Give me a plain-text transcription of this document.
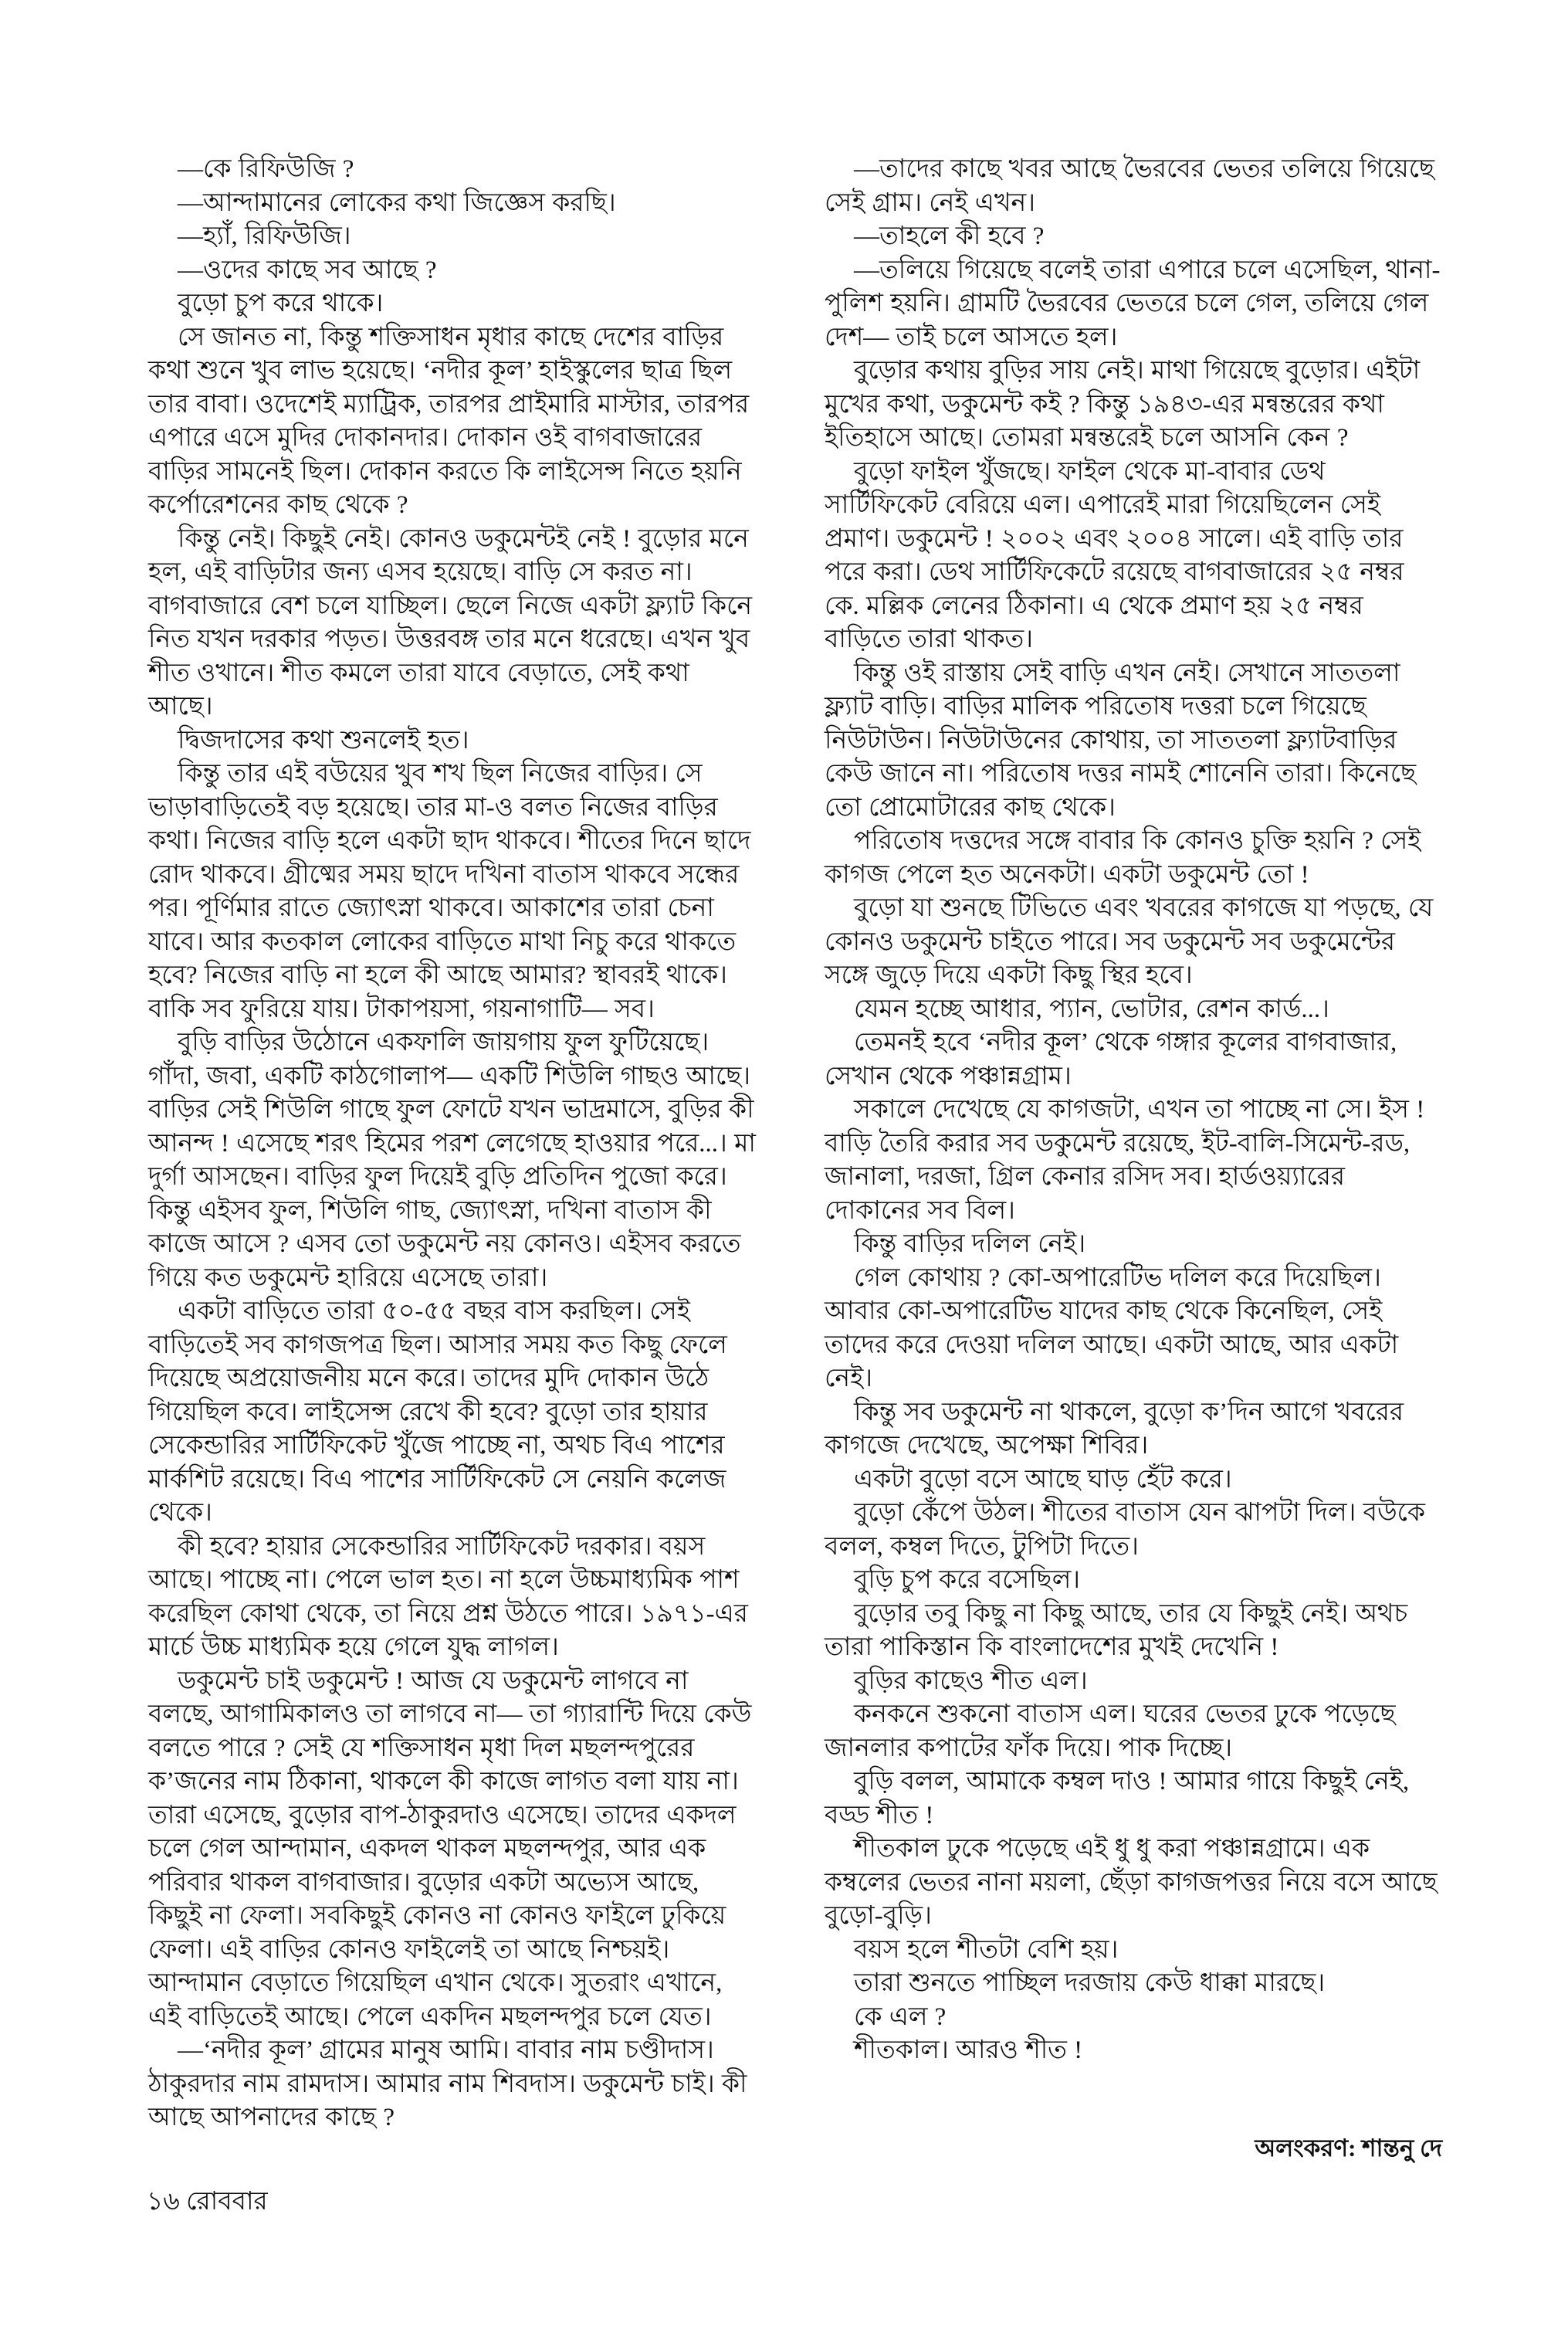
—কে রিফিউজি ?

—আন্দামানের লোকের কথা জিজ্ঞেস করছি।

—হ্যাঁ, রিফিউজি।

—ওদের কাছে সব আছে ?

বুড়ো চুপ করে থাকে।

সে জানত না, কিন্তু শক্তিসাধন মৃধার কাছে দেশের বাড়ির কথা শুনে খুব লাভ হয়েছে। ‘নদীর কূল’ হাইস্কুলের ছাত্র ছিল তার বাবা। ওদেশেই ম্যাট্রিক, তারপর প্রাইমারি মাস্টার, তারপর এপারে এসে মুদির দোকানদার। দোকান ওই বাগবাজারের বাড়ির সামনেই ছিল। দোকান করতে কি লাইসেন্স নিতে হয়নি কর্পোরেশনের কাছ থেকে ?

কিন্তু নেই। কিছুই নেই। কোনও ডকুমেন্টই নেই ! বুড়োর মনে হল, এই বাড়িটার জন্য এসব হয়েছে। বাড়ি সে করত না। বাগবাজারে বেশ চলে যাচ্ছিল। ছেলে নিজে একটা ফ্ল্যাট কিনে নিত যখন দরকার পড়ত। উত্তরবঙ্গ তার মনে ধরেছে। এখন খুব শীত ওখানে। শীত কমলে তারা যাবে বেড়াতে, সেই কথা আছে।

দ্বিজদাসের কথা শুনলেই হত।

কিন্তু তার এই বউয়ের খুব শখ ছিল নিজের বাড়ির। সে ভাড়াবাড়িতেই বড় হয়েছে। তার মা-ও বলত নিজের বাড়ির কথা। নিজের বাড়ি হলে একটা ছাদ থাকবে। শীতের দিনে ছাদে রোদ থাকবে। গ্রীষ্মের সময় ছাদে দখিনা বাতাস থাকবে সন্ধের পর। পূর্ণিমার রাতে জ্যোৎস্না থাকবে। আকাশের তারা চেনা যাবে। আর কতকাল লোকের বাড়িতে মাথা নিচু করে থাকতে হবে? নিজের বাড়ি না হলে কী আছে আমার? স্থাবরই থাকে। বাকি সব ফুরিয়ে যায়। টাকাপয়সা, গয়নাগাটি— সব।

বুড়ি বাড়ির উঠোনে একফালি জায়গায় ফুল ফুটিয়েছে। গাঁদা, জবা, একটি কাঠগোলাপ— একটি শিউলি গাছও আছে। বাড়ির সেই শিউলি গাছে ফুল ফোটে যখন ভাদ্রমাসে, বুড়ির কী আনন্দ ! এসেছে শরৎ হিমের পরশ লেগেছে হাওয়ার পরে...। মা দুর্গা আসছেন। বাড়ির ফুল দিয়েই বুড়ি প্রতিদিন পুজো করে। কিন্তু এইসব ফুল, শিউলি গাছ, জ্যোৎস্না, দখিনা বাতাস কী কাজে আসে ? এসব তো ডকুমেন্ট নয় কোনও। এইসব করতে গিয়ে কত ডকুমেন্ট হারিয়ে এসেছে তারা।

একটা বাড়িতে তারা ৫০-৫৫ বছর বাস করছিল। সেই বাড়িতেই সব কাগজপত্র ছিল। আসার সময় কত কিছু ফেলে দিয়েছে অপ্রয়োজনীয় মনে করে। তাদের মুদি দোকান উঠে গিয়েছিল কবে। লাইসেন্স রেখে কী হবে? বুড়ো তার হায়ার সেকেন্ডারির সার্টিফিকেট খুঁজে পাচ্ছে না, অথচ বিএ পাশের মার্কশিট রয়েছে। বিএ পাশের সার্টিফিকেট সে নেয়নি কলেজ থেকে।

কী হবে? হায়ার সেকেন্ডারির সার্টিফিকেট দরকার। বয়স আছে। পাচ্ছে না। পেলে ভাল হত। না হলে উচ্চমাধ্যমিক পাশ করেছিল কোথা থেকে, তা নিয়ে প্রশ্ন উঠতে পারে। ১৯৭১-এর মার্চে উচ্চ মাধ্যমিক হয়ে গেলে যুদ্ধ লাগল।

ডকুমেন্ট চাই ডকুমেন্ট ! আজ যে ডকুমেন্ট লাগবে না বলছে, আগামিকালও তা লাগবে না— তা গ্যারান্টি দিয়ে কেউ বলতে পারে ? সেই যে শক্তিসাধন মৃধা দিল মছলন্দপুরের ক’জনের নাম ঠিকানা, থাকলে কী কাজে লাগত বলা যায় না। তারা এসেছে, বুড়োর বাপ-ঠাকুরদাও এসেছে। তাদের একদল চলে গেল আন্দামান, একদল থাকল মছলন্দপুর, আর এক পরিবার থাকল বাগবাজার। বুড়োর একটা অভ্যেস আছে, কিছুই না ফেলা। সবকিছুই কোনও না কোনও ফাইলে ঢুকিয়ে ফেলা। এই বাড়ির কোনও ফাইলেই তা আছে নিশ্চয়ই। আন্দামান বেড়াতে গিয়েছিল এখান থেকে। সুতরাং এখানে, এই বাড়িতেই আছে। পেলে একদিন মছলন্দপুর চলে যেত।

—‘নদীর কূল’ গ্রামের মানুষ আমি। বাবার নাম চণ্ডীদাস। ঠাকুরদার নাম রামদাস। আমার নাম শিবদাস। ডকুমেন্ট চাই। কী আছে আপনাদের কাছে ?

—তাদের কাছে খবর আছে ভৈরবের ভেতর তলিয়ে গিয়েছে সেই গ্রাম। নেই এখন।

—তাহলে কী হবে ?

—তলিয়ে গিয়েছে বলেই তারা এপারে চলে এসেছিল, থানা-পুলিশ হয়নি। গ্রামটি ভৈরবের ভেতরে চলে গেল, তলিয়ে গেল দেশ— তাই চলে আসতে হল।

বুড়োর কথায় বুড়ির সায় নেই। মাথা গিয়েছে বুড়োর। এইটা মুখের কথা, ডকুমেন্ট কই ? কিন্তু ১৯৪৩-এর মন্বন্তরের কথা ইতিহাসে আছে। তোমরা মন্বন্তরেই চলে আসনি কেন ?

বুড়ো ফাইল খুঁজছে। ফাইল থেকে মা-বাবার ডেথ সার্টিফিকেট বেরিয়ে এল। এপারেই মারা গিয়েছিলেন সেই প্রমাণ। ডকুমেন্ট ! ২০০২ এবং ২০০৪ সালে। এই বাড়ি তার পরে করা। ডেথ সার্টিফিকেটে রয়েছে বাগবাজারের ২৫ নম্বর কে. মল্লিক লেনের ঠিকানা। এ থেকে প্রমাণ হয় ২৫ নম্বর বাড়িতে তারা থাকত।

কিন্তু ওই রাস্তায় সেই বাড়ি এখন নেই। সেখানে সাততলা ফ্ল্যাট বাড়ি। বাড়ির মালিক পরিতোষ দত্তরা চলে গিয়েছে নিউটাউন। নিউটাউনের কোথায়, তা সাততলা ফ্ল্যাটবাড়ির কেউ জানে না। পরিতোষ দত্তর নামই শোনেনি তারা। কিনেছে তো প্রোমোটারের কাছ থেকে।

পরিতোষ দত্তদের সঙ্গে বাবার কি কোনও চুক্তি হয়নি ? সেই কাগজ পেলে হত অনেকটা। একটা ডকুমেন্ট তো !

বুড়ো যা শুনছে টিভিতে এবং খবরের কাগজে যা পড়ছে, যে কোনও ডকুমেন্ট চাইতে পারে। সব ডকুমেন্ট সব ডকুমেন্টের সঙ্গে জুড়ে দিয়ে একটা কিছু স্থির হবে।

যেমন হচ্ছে আধার, প্যান, ভোটার, রেশন কার্ড...।

তেমনই হবে ‘নদীর কূল’ থেকে গঙ্গার কূলের বাগবাজার, সেখান থেকে পঞ্চান্নগ্রাম।

সকালে দেখেছে যে কাগজটা, এখন তা পাচ্ছে না সে। ইস ! বাড়ি তৈরি করার সব ডকুমেন্ট রয়েছে, ইট-বালি-সিমেন্ট-রড, জানালা, দরজা, গ্রিল কেনার রসিদ সব। হার্ডওয়্যারের দোকানের সব বিল।

কিন্তু বাড়ির দলিল নেই।

গেল কোথায় ? কো-অপারেটিভ দলিল করে দিয়েছিল। আবার কো-অপারেটিভ যাদের কাছ থেকে কিনেছিল, সেই তাদের করে দেওয়া দলিল আছে। একটা আছে, আর একটা নেই।

কিন্তু সব ডকুমেন্ট না থাকলে, বুড়ো ক’দিন আগে খবরের কাগজে দেখেছে, অপেক্ষা শিবির।

একটা বুড়ো বসে আছে ঘাড় হেঁট করে।

বুড়ো কেঁপে উঠল। শীতের বাতাস যেন ঝাপটা দিল। বউকে বলল, কম্বল দিতে, টুপিটা দিতে।

বুড়ি চুপ করে বসেছিল।

বুড়োর তবু কিছু না কিছু আছে, তার যে কিছুই নেই। অথচ তারা পাকিস্তান কি বাংলাদেশের মুখই দেখেনি !

বুড়ির কাছেও শীত এল।

কনকনে শুকনো বাতাস এল। ঘরের ভেতর ঢুকে পড়েছে জানলার কপাটের ফাঁক দিয়ে। পাক দিচ্ছে।

বুড়ি বলল, আমাকে কম্বল দাও ! আমার গায়ে কিছুই নেই, বড্ড শীত !

শীতকাল ঢুকে পড়েছে এই ধু ধু করা পঞ্চান্নগ্রামে। এক কম্বলের ভেতর নানা ময়লা, ছেঁড়া কাগজপত্তর নিয়ে বসে আছে বুড়ো-বুড়ি।

বয়স হলে শীতটা বেশি হয়।

তারা শুনতে পাচ্ছিল দরজায় কেউ ধাক্কা মারছে।

কে এল ?

শীতকাল। আরও শীত !

অলংকরণ: শান্তনু দে
১৬ রোববার
